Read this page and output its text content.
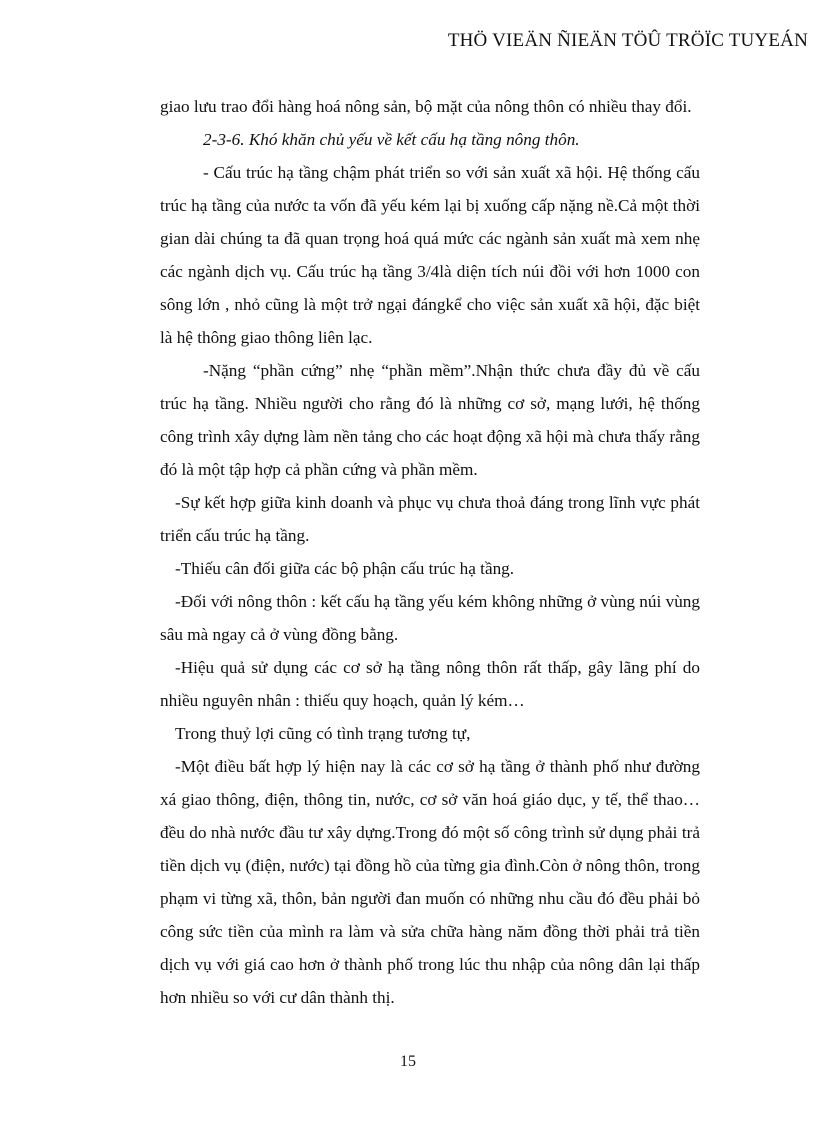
THÖ VIEÄN ÑIEÄN TÖÛ TRÖÏC TUYEÁN

giao lưu trao đổi hàng hoá nông sản, bộ mặt của nông thôn có nhiều thay đổi.

2-3-6. Khó khăn chủ yếu về kết cấu hạ tầng nông thôn.

- Cấu trúc hạ tầng chậm phát triển so với sản xuất xã hội. Hệ thống cấu trúc hạ tầng của nước ta vốn đã yếu kém lại bị xuống cấp nặng nề.Cả một thời gian dài chúng ta đã quan trọng hoá quá mức các ngành sản xuất mà xem nhẹ các ngành dịch vụ. Cấu trúc hạ tầng 3/4là diện tích núi đồi với hơn 1000 con sông lớn , nhỏ cũng là một trở ngại đángkể cho việc sản xuất xã hội, đặc biệt là hệ thông giao thông liên lạc.

-Nặng “phần cứng” nhẹ “phần mềm”.Nhận thức chưa đầy đủ về cấu trúc hạ tầng. Nhiều người cho rằng đó là những cơ sở, mạng lưới, hệ thống công trình xây dựng làm nền tảng cho các hoạt động xã hội mà chưa thấy rằng đó là một tập hợp cả phần cứng và phần mềm.

-Sự kết hợp giữa kinh doanh và phục vụ chưa thoả đáng trong lĩnh vực phát triển cấu trúc hạ tầng.

-Thiếu cân đối giữa các bộ phận cấu trúc hạ tầng.

-Đối với nông thôn : kết cấu hạ tầng yếu kém không những ở vùng núi vùng sâu mà ngay cả ở vùng đồng bằng.

-Hiệu quả sử dụng các cơ sở hạ tầng nông thôn rất thấp, gây lãng phí do nhiều nguyên nhân : thiếu quy hoạch, quản lý kém…

Trong thuỷ lợi cũng có tình trạng tương tự,

-Một điều bất hợp lý hiện nay là các cơ sở hạ tầng ở thành phố như đường xá giao thông, điện, thông tin, nước, cơ sở văn hoá giáo dục, y tế, thể thao… đều do nhà nước đầu tư xây dựng.Trong đó một số công trình sử dụng phải trả tiền dịch vụ (điện, nước) tại đồng hồ của từng gia đình.Còn ở nông thôn, trong phạm vi từng xã, thôn, bản người đan muốn có những nhu cầu đó đều phải bỏ công sức tiền của mình ra làm và sửa chữa hàng năm đồng thời phải trả tiền dịch vụ với giá cao hơn ở thành phố trong lúc thu nhập của nông dân lại thấp hơn nhiều so với cư dân thành thị.

15
